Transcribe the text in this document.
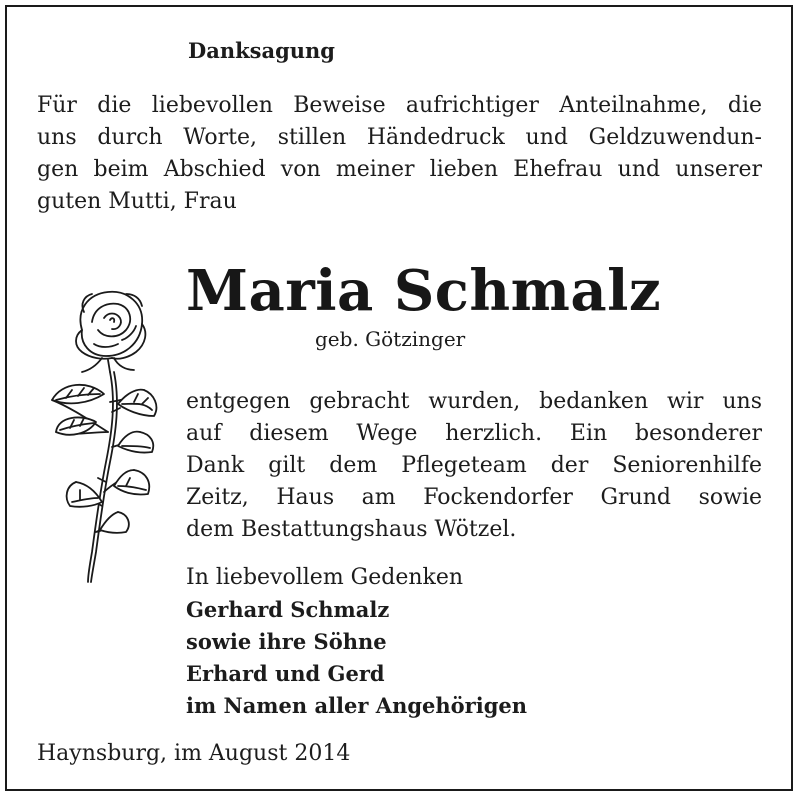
Danksagung
Für die liebevollen Beweise aufrichtiger Anteilnahme, die
uns durch Worte, stillen Händedruck und Geldzuwendun-
gen beim Abschied von meiner lieben Ehefrau und unserer
guten Mutti, Frau
Maria Schmalz
geb. Götzinger
entgegen gebracht wurden, bedanken wir uns
auf diesem Wege herzlich. Ein besonderer
Dank gilt dem Pflegeteam der Seniorenhilfe
Zeitz, Haus am Fockendorfer Grund sowie
dem Bestattungshaus Wötzel.
In liebevollem Gedenken
Gerhard Schmalz
sowie ihre Söhne
Erhard und Gerd
im Namen aller Angehörigen
Haynsburg, im August 2014
